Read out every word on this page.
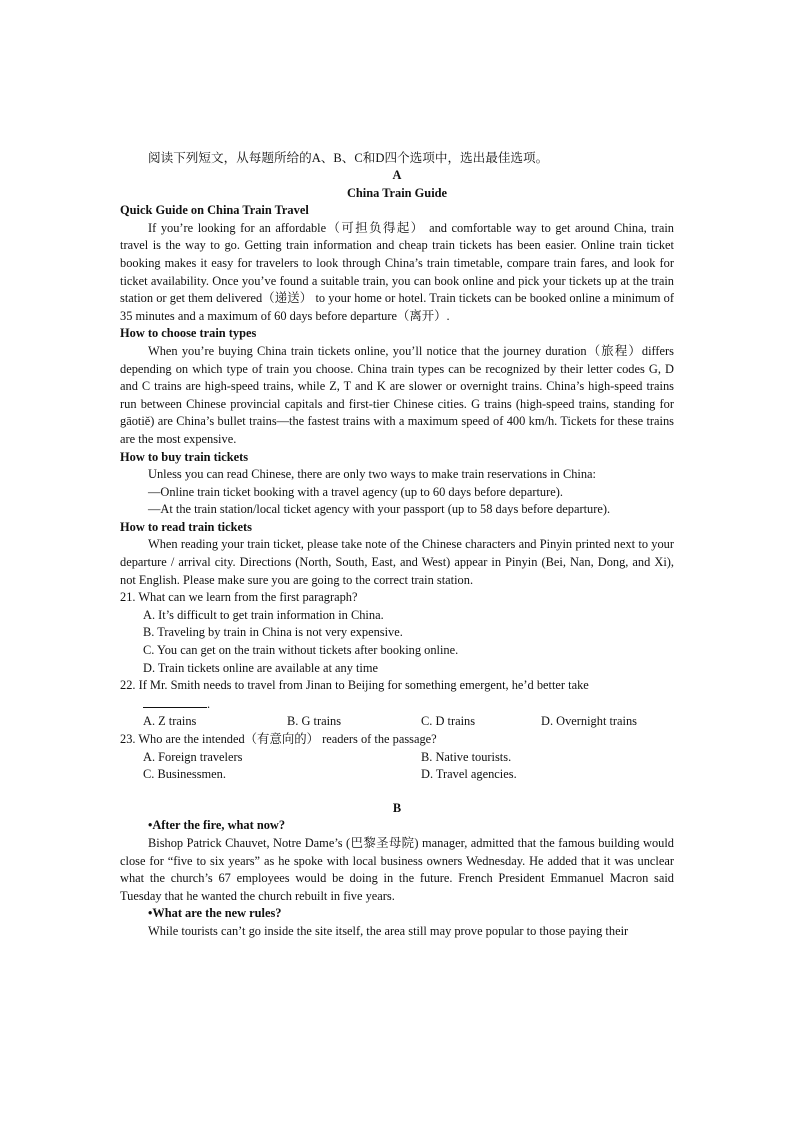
阅读下列短文，从每题所给的A、B、C和D四个选项中，选出最佳选项。

A

China Train Guide

Quick Guide on China Train Travel

If you’re looking for an affordable（可担负得起） and comfortable way to get around China, train travel is the way to go. Getting train information and cheap train tickets has been easier. Online train ticket booking makes it easy for travelers to look through China’s train timetable, compare train fares, and look for ticket availability. Once you’ve found a suitable train, you can book online and pick your tickets up at the train station or get them delivered（递送） to your home or hotel. Train tickets can be booked online a minimum of 35 minutes and a maximum of 60 days before departure（离开）.

How to choose train types

When you’re buying China train tickets online, you’ll notice that the journey duration（旅程）differs depending on which type of train you choose. China train types can be recognized by their letter codes G, D and C trains are high-speed trains, while Z, T and K are slower or overnight trains. China’s high-speed trains run between Chinese provincial capitals and first-tier Chinese cities. G trains (high-speed trains, standing for gāotiě) are China’s bullet trains—the fastest trains with a maximum speed of 400 km/h. Tickets for these trains are the most expensive.

How to buy train tickets

Unless you can read Chinese, there are only two ways to make train reservations in China:

—Online train ticket booking with a travel agency (up to 60 days before departure).

—At the train station/local ticket agency with your passport (up to 58 days before departure).

How to read train tickets

When reading your train ticket, please take note of the Chinese characters and Pinyin printed next to your departure / arrival city. Directions (North, South, East, and West) appear in Pinyin (Bei, Nan, Dong, and Xi), not English. Please make sure you are going to the correct train station.

21. What can we learn from the first paragraph?

A. It’s difficult to get train information in China.

B. Traveling by train in China is not very expensive.

C. You can get on the train without tickets after booking online.

D. Train tickets online are available at any time

22. If Mr. Smith needs to travel from Jinan to Beijing for something emergent, he’d better take

.

A. Z trains	B. G trains	C. D trains	D. Overnight trains

23. Who are the intended（有意向的） readers of the passage?

A. Foreign travelers	B. Native tourists.
C. Businessmen.	D. Travel agencies.

B

•After the fire, what now?

Bishop Patrick Chauvet, Notre Dame’s (巴黎圣母院) manager, admitted that the famous building would close for “five to six years” as he spoke with local business owners Wednesday. He added that it was unclear what the church’s 67 employees would be doing in the future. French President Emmanuel Macron said Tuesday that he wanted the church rebuilt in five years.

•What are the new rules?

While tourists can’t go inside the site itself, the area still may prove popular to those paying their
